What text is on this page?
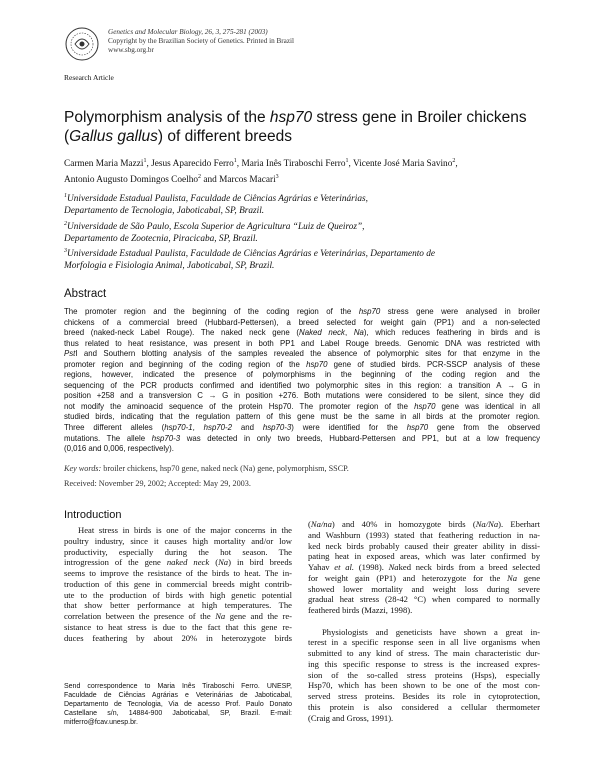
Genetics and Molecular Biology, 26, 3, 275-281 (2003)
Copyright by the Brazilian Society of Genetics. Printed in Brazil
www.sbg.org.br
Research Article
Polymorphism analysis of the hsp70 stress gene in Broiler chickens
(Gallus gallus) of different breeds
Carmen Maria Mazzi$^1$, Jesus Aparecido Ferro$^1$, Maria Inês Tiraboschi Ferro$^1$, Vicente José Maria Savino$^2$,
Antonio Augusto Domingos Coelho$^2$ and Marcos Macari$^3$
$^1$Universidade Estadual Paulista, Faculdade de Ciências Agrárias e Veterinárias,
Departamento de Tecnologia, Jaboticabal, SP, Brazil.
$^2$Universidade de São Paulo, Escola Superior de Agricultura “Luiz de Queiroz”,
Departamento de Zootecnia, Piracicaba, SP, Brazil.
$^3$Universidade Estadual Paulista, Faculdade de Ciências Agrárias e Veterinárias, Departamento de
Morfologia e Fisiologia Animal, Jaboticabal, SP, Brazil.
Abstract
The promoter region and the beginning of the coding region of the hsp70 stress gene were analysed in broiler
chickens of a commercial breed (Hubbard-Pettersen), a breed selected for weight gain (PP1) and a non-selected
breed (naked-neck Label Rouge). The naked neck gene (Naked neck, Na), which reduces feathering in birds and is
thus related to heat resistance, was present in both PP1 and Label Rouge breeds. Genomic DNA was restricted with
PstI and Southern blotting analysis of the samples revealed the absence of polymorphic sites for that enzyme in the
promoter region and beginning of the coding region of the hsp70 gene of studied birds. PCR-SSCP analysis of these
regions, however, indicated the presence of polymorphisms in the beginning of the coding region and the
sequencing of the PCR products confirmed and identified two polymorphic sites in this region: a transition A → G in
position +258 and a transversion C → G in position +276. Both mutations were considered to be silent, since they did
not modify the aminoacid sequence of the protein Hsp70. The promoter region of the hsp70 gene was identical in all
studied birds, indicating that the regulation pattern of this gene must be the same in all birds at the promoter region.
Three different alleles (hsp70-1, hsp70-2 and hsp70-3) were identified for the hsp70 gene from the observed
mutations. The allele hsp70-3 was detected in only two breeds, Hubbard-Pettersen and PP1, but at a low frequency
(0,016 and 0,006, respectively).
Key words: broiler chickens, hsp70 gene, naked neck (Na) gene, polymorphism, SSCP.
Received: November 29, 2002; Accepted: May 29, 2003.
Introduction
Heat stress in birds is one of the major concerns in the
poultry industry, since it causes high mortality and/or low
productivity, especially during the hot season. The
introgression of the gene naked neck (Na) in bird breeds
seems to improve the resistance of the birds to heat. The in-
troduction of this gene in commercial breeds might contrib-
ute to the production of birds with high genetic potential
that show better performance at high temperatures. The
correlation between the presence of the Na gene and the re-
sistance to heat stress is due to the fact that this gene re-
duces feathering by about 20% in heterozygote birds
(Na/na) and 40% in homozygote birds (Na/Na). Eberhart
and Washburn (1993) stated that feathering reduction in na-
ked neck birds probably caused their greater ability in dissi-
pating heat in exposed areas, which was later confirmed by
Yahav et al. (1998). Naked neck birds from a breed selected
for weight gain (PP1) and heterozygote for the Na gene
showed lower mortality and weight loss during severe
gradual heat stress (28-42 °C) when compared to normally
feathered birds (Mazzi, 1998).
Physiologists and geneticists have shown a great in-
terest in a specific response seen in all live organisms when
submitted to any kind of stress. The main characteristic dur-
ing this specific response to stress is the increased expres-
sion of the so-called stress proteins (Hsps), especially
Hsp70, which has been shown to be one of the most con-
served stress proteins. Besides its role in cytoprotection,
this protein is also considered a cellular thermometer
(Craig and Gross, 1991).
Send correspondence to Maria Inês Tiraboschi Ferro. UNESP,
Faculdade de Ciências Agrárias e Veterinárias de Jaboticabal,
Departamento de Tecnologia, Via de acesso Prof. Paulo Donato
Castellane s/n, 14884-900 Jaboticabal, SP, Brazil. E-mail:
mitferro@fcav.unesp.br.
